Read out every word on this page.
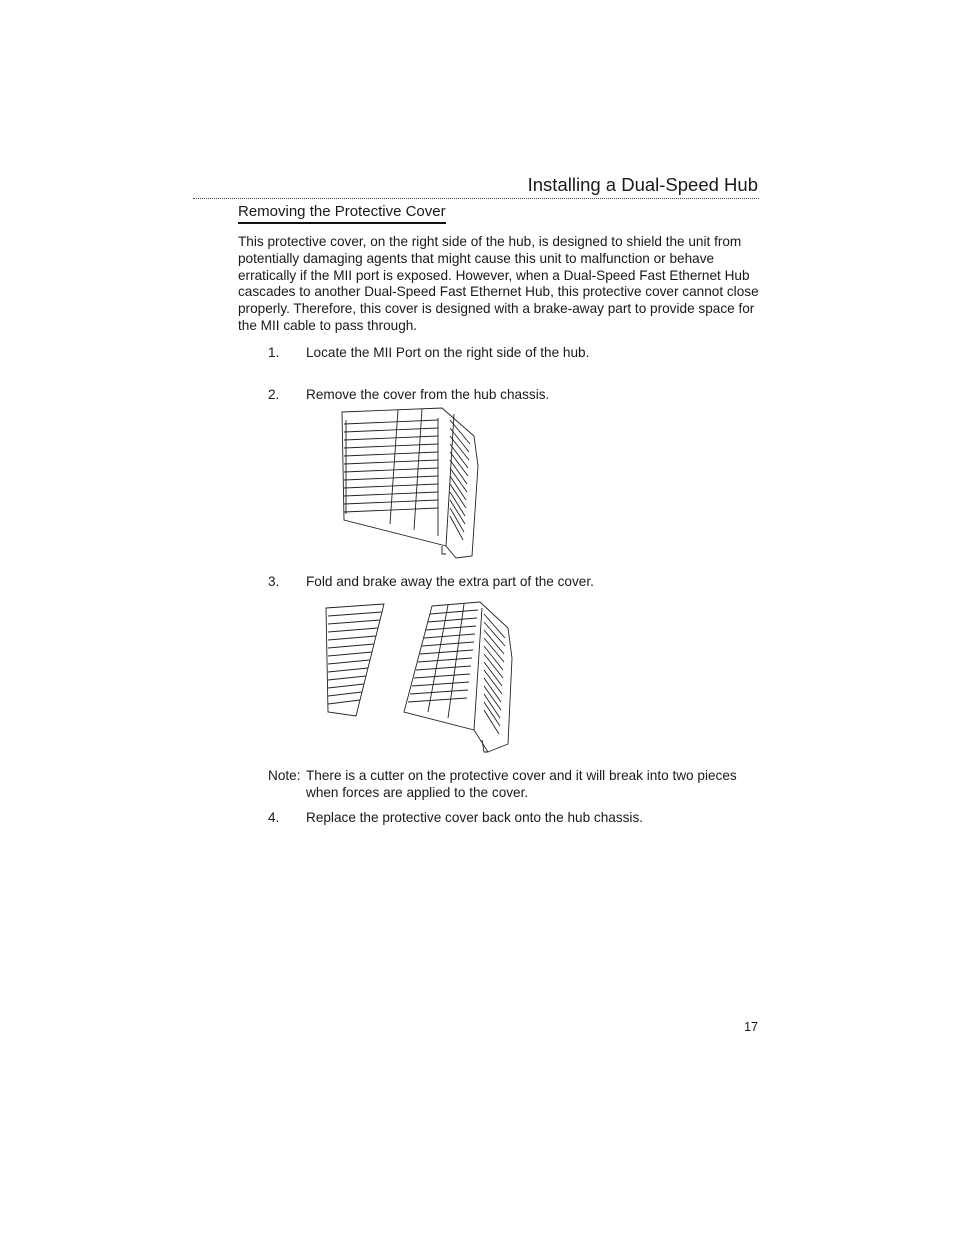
Installing a Dual-Speed Hub
Removing the Protective Cover

This protective cover, on the right side of the hub, is designed to shield the unit from potentially damaging agents that might cause this unit to malfunction or behave erratically if the MII port is exposed. However, when a Dual-Speed Fast Ethernet Hub cascades to another Dual-Speed Fast Ethernet Hub, this protective cover cannot close properly. Therefore, this cover is designed with a brake-away part to provide space for the MII cable to pass through.

1. Locate the MII Port on the right side of the hub.
2. Remove the cover from the hub chassis.
3. Fold and brake away the extra part of the cover.
Note: There is a cutter on the protective cover and it will break into two pieces when forces are applied to the cover.
4. Replace the protective cover back onto the hub chassis.
17
